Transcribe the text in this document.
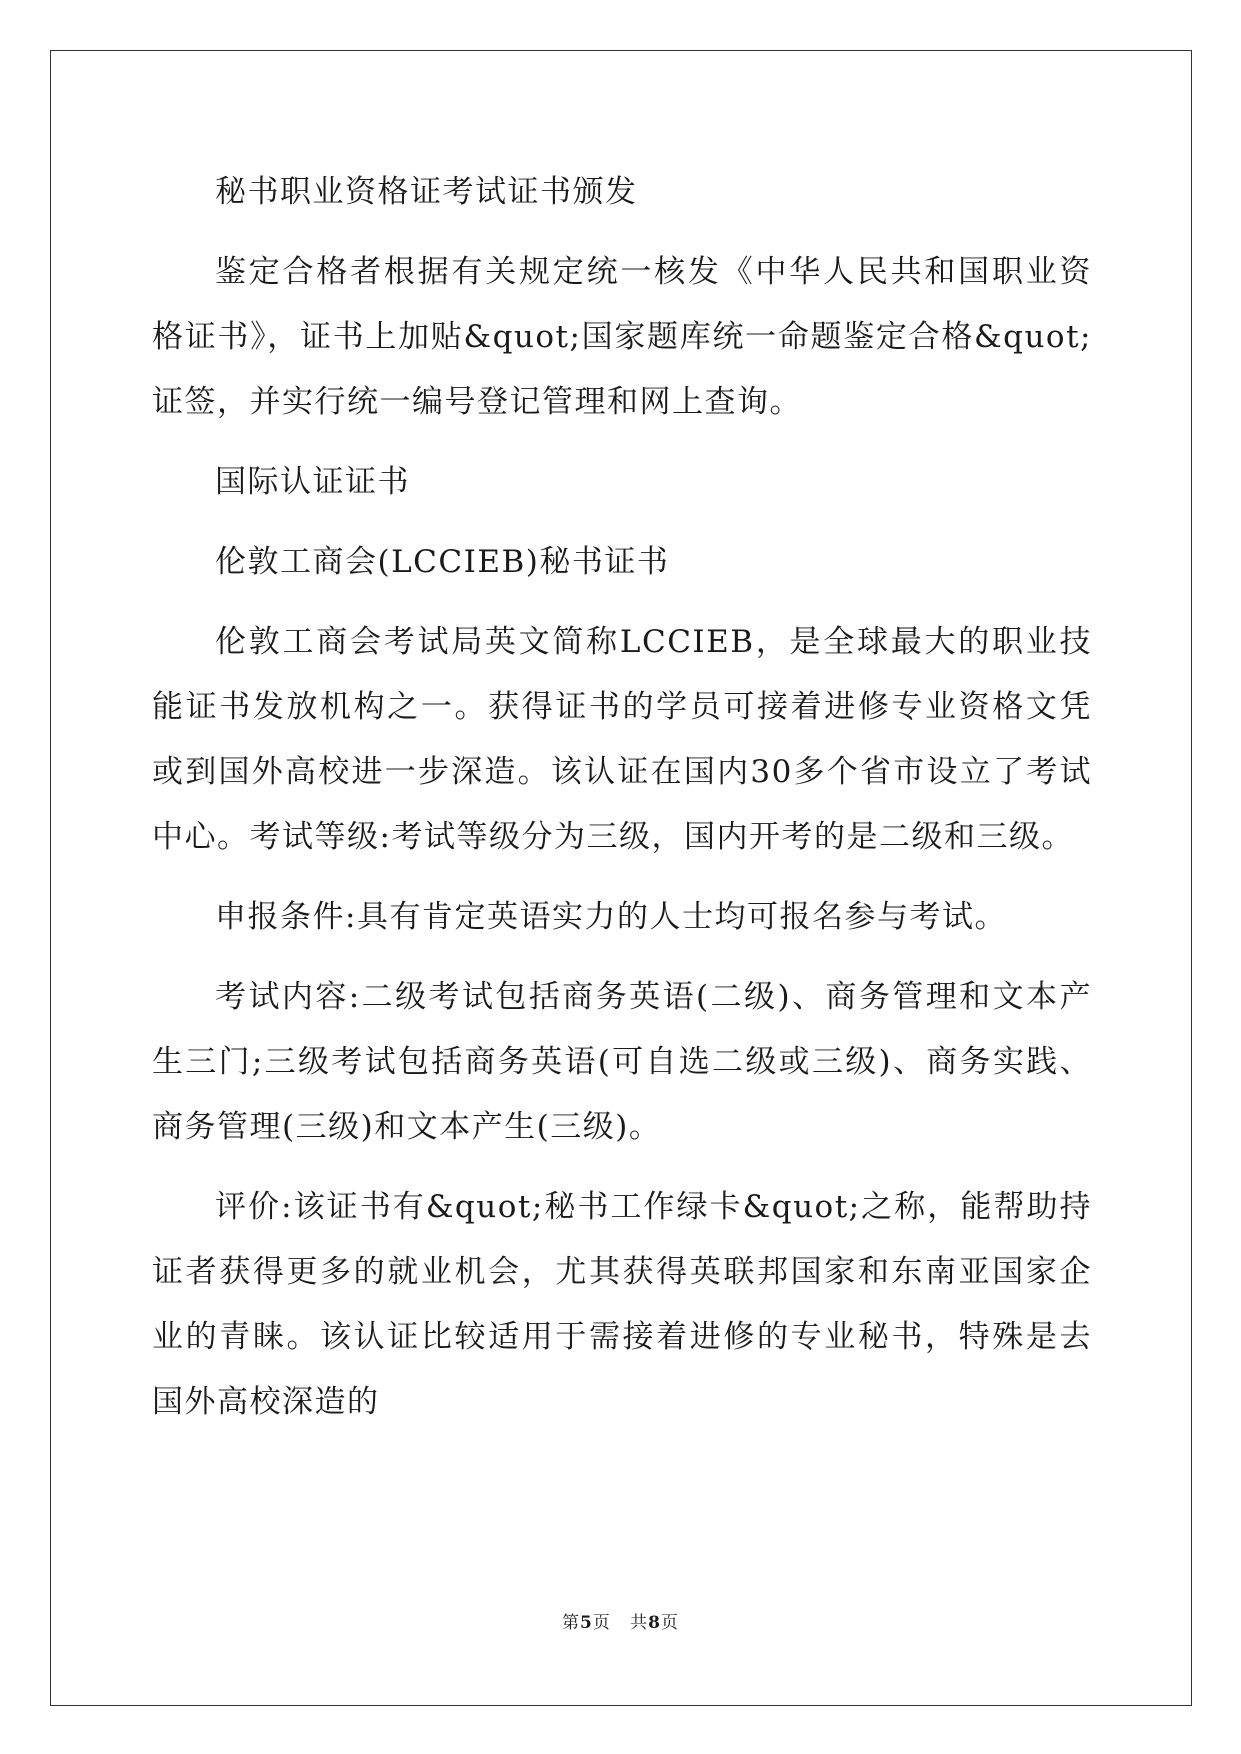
秘书职业资格证考试证书颁发

鉴定合格者根据有关规定统一核发《中华人民共和国职业资格证书》，证书上加贴&quot;国家题库统一命题鉴定合格&quot;证签，并实行统一编号登记管理和网上查询。

国际认证证书

伦敦工商会(LCCIEB)秘书证书

伦敦工商会考试局英文简称LCCIEB，是全球最大的职业技能证书发放机构之一。获得证书的学员可接着进修专业资格文凭或到国外高校进一步深造。该认证在国内30多个省市设立了考试中心。考试等级:考试等级分为三级，国内开考的是二级和三级。

申报条件:具有肯定英语实力的人士均可报名参与考试。

考试内容:二级考试包括商务英语(二级)、商务管理和文本产生三门;三级考试包括商务英语(可自选二级或三级)、商务实践、商务管理(三级)和文本产生(三级)。

评价:该证书有&quot;秘书工作绿卡&quot;之称，能帮助持证者获得更多的就业机会，尤其获得英联邦国家和东南亚国家企业的青睐。该认证比较适用于需接着进修的专业秘书，特殊是去国外高校深造的

第5页 共8页
